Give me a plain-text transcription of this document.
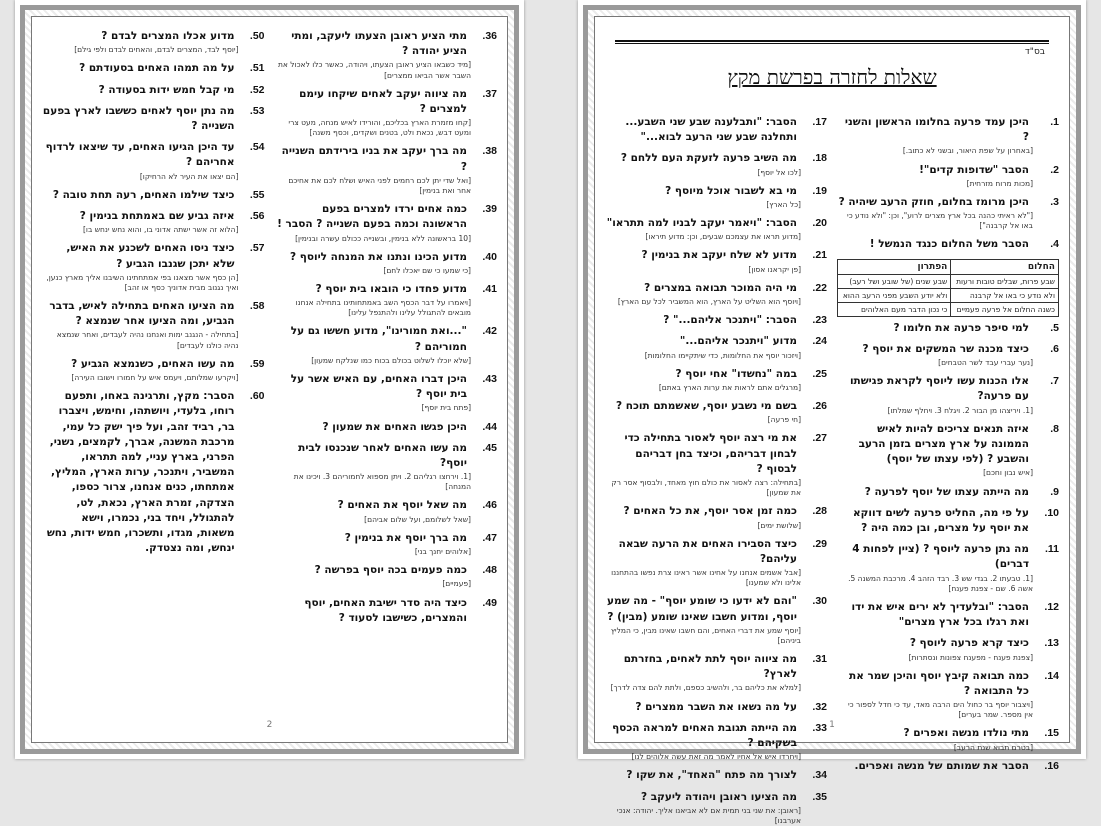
36.
מתי הציע ראובן הצעתו ליעקב, ומתי הציע יהודה ?
[מיד כשבאו הציע ראובן הצעתו, ויהודה, כאשר כלו לאכול את השבר אשר הביאו ממצרים]
37.
מה ציווה יעקב לאחים שיקחו עימם למצרים ?
[קחו מזמרת הארץ בכליכם, והורידו לאיש מנחה, מעט צרי ומעט דבש, נכאת ולט, בטנים ושקדים, וכסף משנה]
38.
מה ברך יעקב את בניו בירידתם השנייה ?
[ואל שדי יתן לכם רחמים לפני האיש ושלח לכם את אחיכם אחר ואת בנימין]
39.
כמה אחים ירדו למצרים בפעם הראשונה וכמה בפעם השנייה ? הסבר !
[10 בראשונה ללא בנימין, ובשנייה ככולם עשרה ובנימין]
40.
מדוע הכינו ונתנו את המנחה ליוסף ?
[כי שמעו כי שם יאכלו לחם]
41.
מדוע פחדו כי הובאו בית יוסף ?
[ויאמרו על דבר הכסף השב באמתחותינו בתחילה אנחנו מובאים להתגולל עלינו ולהתנפל עלינו]
42.
"...ואת חמורינו", מדוע חששו גם על חמוריהם ?
[שלא יוכלו לשלוט בכולם בכוח כמו שנלקח שמעון]
43.
היכן דברו האחים, עם האיש אשר על בית יוסף ?
[פתח בית יוסף]
44.
היכן פגשו האחים את שמעון ?
45.
מה עשו האחים לאחר שנכנסו לבית יוסף?
[1. וירחצו רגליהם 2. ויתן מספוא לחמוריהם 3. ויכינו את המנחה]
46.
מה שאל יוסף את האחים ?
[שאל לשלומם, ועל שלום אביהם]
47.
מה ברך יוסף את בנימין ?
[אלוהים יחנך בני]
48.
כמה פעמים בכה יוסף בפרשה ?
[פעמיים]
49.
כיצד היה סדר ישיבת האחים, יוסף והמצרים, כשישבו לסעוד ?
50.
מדוע אכלו המצרים לבדם ?
[יוסף לבד, המצרים לבדם, והאחים לבדם ולפי גילם]
51.
על מה תמהו האחים בסעודתם ?
52.
מי קבל חמש ידות בסעודה ?
53.
מה נתן יוסף לאחים כששבו לארץ בפעם השנייה ?
54.
עד היכן הגיעו האחים, עד שיצאו לרדוף אחריהם ?
[הם יצאו את העיר לא הרחיקו]
55.
כיצד שילמו האחים, רעה תחת טובה ?
56.
איזה גביע שם באמתחת בנימין ?
[הלוא זה אשר ישתה אדוני בו, והוא נחש ינחש בו]
57.
כיצד ניסו האחים לשכנע את האיש, שלא יתכן שגנבו הגביע ?
[הן כסף אשר מצאנו בפי אמתחתינו השיבנו אליך מארץ כנען, ואיך נגנוב מבית אדוניך כסף או זהב]
58.
מה הציעו האחים בתחילה לאיש, בדבר הגביע, ומה הציעו אחר שנמצא ?
[בתחילה - הנגנב ימות ואנחנו נהיה לעבדים, ואחר שנמצא נהיה כולנו לעבדים]
59.
מה עשו האחים, כשנמצא הגביע ?
[ויקרעו שמלותם, ויעמס איש על חמורו וישובו העירה]
60.
הסבר: מקץ, ותרגינה באחו, ותפעם רוחו, בלעדי, ויושתהו, וחימש, ויצברו בר, רביד זהב, ועל פיך ישק כל עמי, מרכבת המשנה, אברך, לקמצים, נשני, הפרני, בארץ עניי, למה תתראו, המשביר, ויתנכר, ערות הארץ, המליץ, אמתחתו, כנים אנחנו, צרור כספו, הצדקה, זמרת הארץ, נכאת, לט, להתגולל, ויחד בני, נכמרו, וישא משאות, מגדו, ותשכרו, חמש ידות, נחש ינחש, ומה נצטדק.
2
בס"ד
שאלות לחזרה בפרשת מקץ
1.
היכן עמד פרעה בחלומו הראשון והשני ?
[באחרון על שפת היאור, ובשני לא כתוב.]
2.
הסבר "שדופות קדים"!
[מכות מרוח מזרחית]
3.
היכן מרומז בחלום, חוזק הרעב שיהיה ?
["לא ראיתי כהנה בכל ארץ מצרים לרוע", וכן: "ולא נודע כי באו אל קרבנה"]
4.
הסבר משל החלום כנגד הנמשל !
החלום	הפתרון
שבע פרות, שבלים טובות ורעות	שבע שנים (של שובע ושל רעב)
ולא נודע כי באו אל קרבנה	ולא יודע השבע מפני הרעב ההוא
כשנה החלום אל פרעה פעמיים	כי נכון הדבר מעם האלוהים
5.
למי סיפר פרעה את חלומו ?
6.
כיצד מכנה שר המשקים את יוסף ?
[נער עברי עבד לשר הטבחים]
7.
אלו הכנות עשו ליוסף לקראת פגישתו עם פרעה?
[1. ויריצהו מן הבור 2. ויגלח 3. ויחלף שמלתו]
8.
איזה תנאים צריכים להיות לאיש הממונה על ארץ מצרים בזמן הרעב והשבע ? (לפי עצתו של יוסף)
[איש נבון וחכם]
9.
מה הייתה עצתו של יוסף לפרעה ?
10.
על פי מה, החליט פרעה לשים דווקא את יוסף על מצרים, ובן כמה היה ?
11.
מה נתן פרעה ליוסף ? (ציין לפחות 4 דברים)
[1. טבעתו 2. בגדי שש 3. רבד הזהב 4. מרכבת המשנה 5. אשה 6. שם - צפנת פענח]
12.
הסבר: "ובלעדיך לא ירים איש את ידו ואת רגלו בכל ארץ מצרים"
13.
כיצד קרא פרעה ליוסף ?
[צפנת פענח - מפענח צפונות ונסתרות]
14.
כמה תבואה קיבץ יוסף והיכן שמר את כל התבואה ?
[ויצבור יוסף בר כחול הים הרבה מאד, עד כי חדל לספור כי אין מספר. שמר בערים]
15.
מתי נולדו מנשה ואפרים ?
[בטרם תבוא שנת הרעב]
16.
הסבר את שמותם של מנשה ואפרים.
17.
הסבר: "ותבלענה שבע שני השבע... ותחלנה שבע שני הרעב לבוא..."
18.
מה השיב פרעה לזעקת העם ללחם ?
[לכו אל יוסף]
19.
מי בא לשבור אוכל מיוסף ?
[כל הארץ]
20.
הסבר: "ויאמר יעקב לבניו למה תתראו"
[מדוע תראו את עצמכם שבעים, וכן: מדוע תיראו]
21.
מדוע לא שלח יעקב את בנימין ?
[פן יקראנו אסון]
22.
מי היה המוכר תבואה במצרים ?
[ויוסף הוא השליט על הארץ, הוא המשביר לכל עם הארץ]
23.
הסבר: "ויתנכר אליהם..." ?
24.
מדוע "ויתנכר אליהם..."
[ויזכור יוסף את החלומות, כדי שיתקיימו החלומות]
25.
במה "נחשדו" אחי יוסף ?
[מרגלים אתם לראות את ערות הארץ באתם]
26.
בשם מי נשבע יוסף, שאשמתם תוכח ?
[חי פרעה]
27.
את מי רצה יוסף לאסור בתחילה כדי לבחון דבריהם, וכיצד בחן דבריהם לבסוף ?
[בתחילה: רצה לאסור את כולם חוץ מאחד, ולבסוף אסר רק את שמעון]
28.
כמה זמן אסר יוסף, את כל האחים ?
[שלושת ימים]
29.
כיצד הסבירו האחים את הרעה שבאה עליהם?
[אבל אשמים אנחנו על אחינו אשר ראינו צרת נפשו בהתחננו אלינו ולא שמענו]
30.
"והם לא ידעו כי שומע יוסף" - מה שמע יוסף, ומדוע חשבו שאינו שומע (מבין) ?
[יוסף שמע את דברי האחים, והם חשבו שאינו מבין, כי המליץ ביניהם]
31.
מה ציווה יוסף לתת לאחים, בחזרתם לארץ?
[למלא את כליהם בר, ולהשיב כספם, ולתת להם צדה לדרך]
32.
על מה נשאו את השבר ממצרים ?
33.
מה הייתה תגובת האחים למראה הכסף בשקיהם ?
[ויחרדו איש אל אחיו לאמר מה זאת עשה אלוהים לנו]
34.
לצורך מה פתח "האחד", את שקו ?
35.
מה הציעו ראובן ויהודה ליעקב ?
[ראובן: את שני בני תמית אם לא אביאנו אליך. יהודה: אנכי אערבנו]
1
